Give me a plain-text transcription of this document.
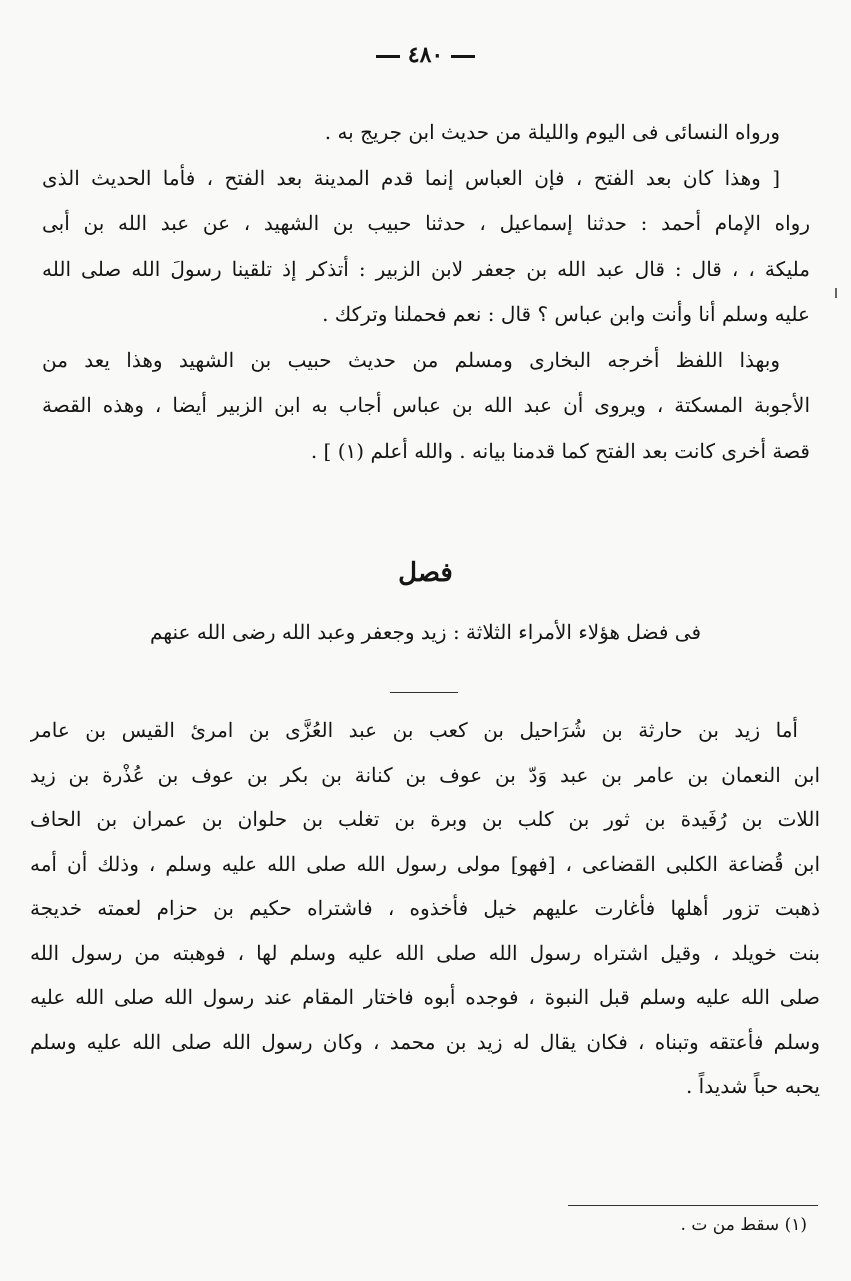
٤٨٠
ورواه النسائى فى اليوم والليلة من حديث ابن جريج به .
[ وهذا كان بعد الفتح ، فإن العباس إنما قدم المدينة بعد الفتح ، فأما الحديث الذى
رواه الإمام أحمد : حدثنا إسماعيل ، حدثنا حبيب بن الشهيد ، عن عبد الله بن أبى
مليكة ، ، قال : قال عبد الله بن جعفر لابن الزبير : أتذكر إذ تلقينا رسولَ الله صلى الله
عليه وسلم أنا وأنت وابن عباس ؟ قال : نعم فحملنا وتركك .
وبهذا اللفظ أخرجه البخارى ومسلم من حديث حبيب بن الشهيد وهذا يعد من
الأجوبة المسكتة ، ويروى أن عبد الله بن عباس أجاب به ابن الزبير أيضا ، وهذه القصة
قصة أخرى كانت بعد الفتح كما قدمنا بيانه . والله أعلم (١) ] .
فصل
فى فضل هؤلاء الأمراء الثلاثة : زيد وجعفر وعبد الله رضى الله عنهم
أما زيد بن حارثة بن شُرَاحيل بن كعب بن عبد العُزَّى بن امرئ القيس بن عامر
ابن النعمان بن عامر بن عبد وَدّ بن عوف بن كنانة بن بكر بن عوف بن عُذْرة بن زيد
اللات بن رُفَيدة بن ثور بن كلب بن وبرة بن تغلب بن حلوان بن عمران بن الحاف
ابن قُضاعة الكلبى القضاعى ، [فهو] مولى رسول الله صلى الله عليه وسلم ، وذلك أن أمه
ذهبت تزور أهلها فأغارت عليهم خيل فأخذوه ، فاشتراه حكيم بن حزام لعمته خديجة
بنت خويلد ، وقيل اشتراه رسول الله صلى الله عليه وسلم لها ، فوهبته من رسول الله
صلى الله عليه وسلم قبل النبوة ، فوجده أبوه فاختار المقام عند رسول الله صلى الله عليه
وسلم فأعتقه وتبناه ، فكان يقال له زيد بن محمد ، وكان رسول الله صلى الله عليه وسلم
يحبه حباً شديداً .
(١) سقط من ت .
